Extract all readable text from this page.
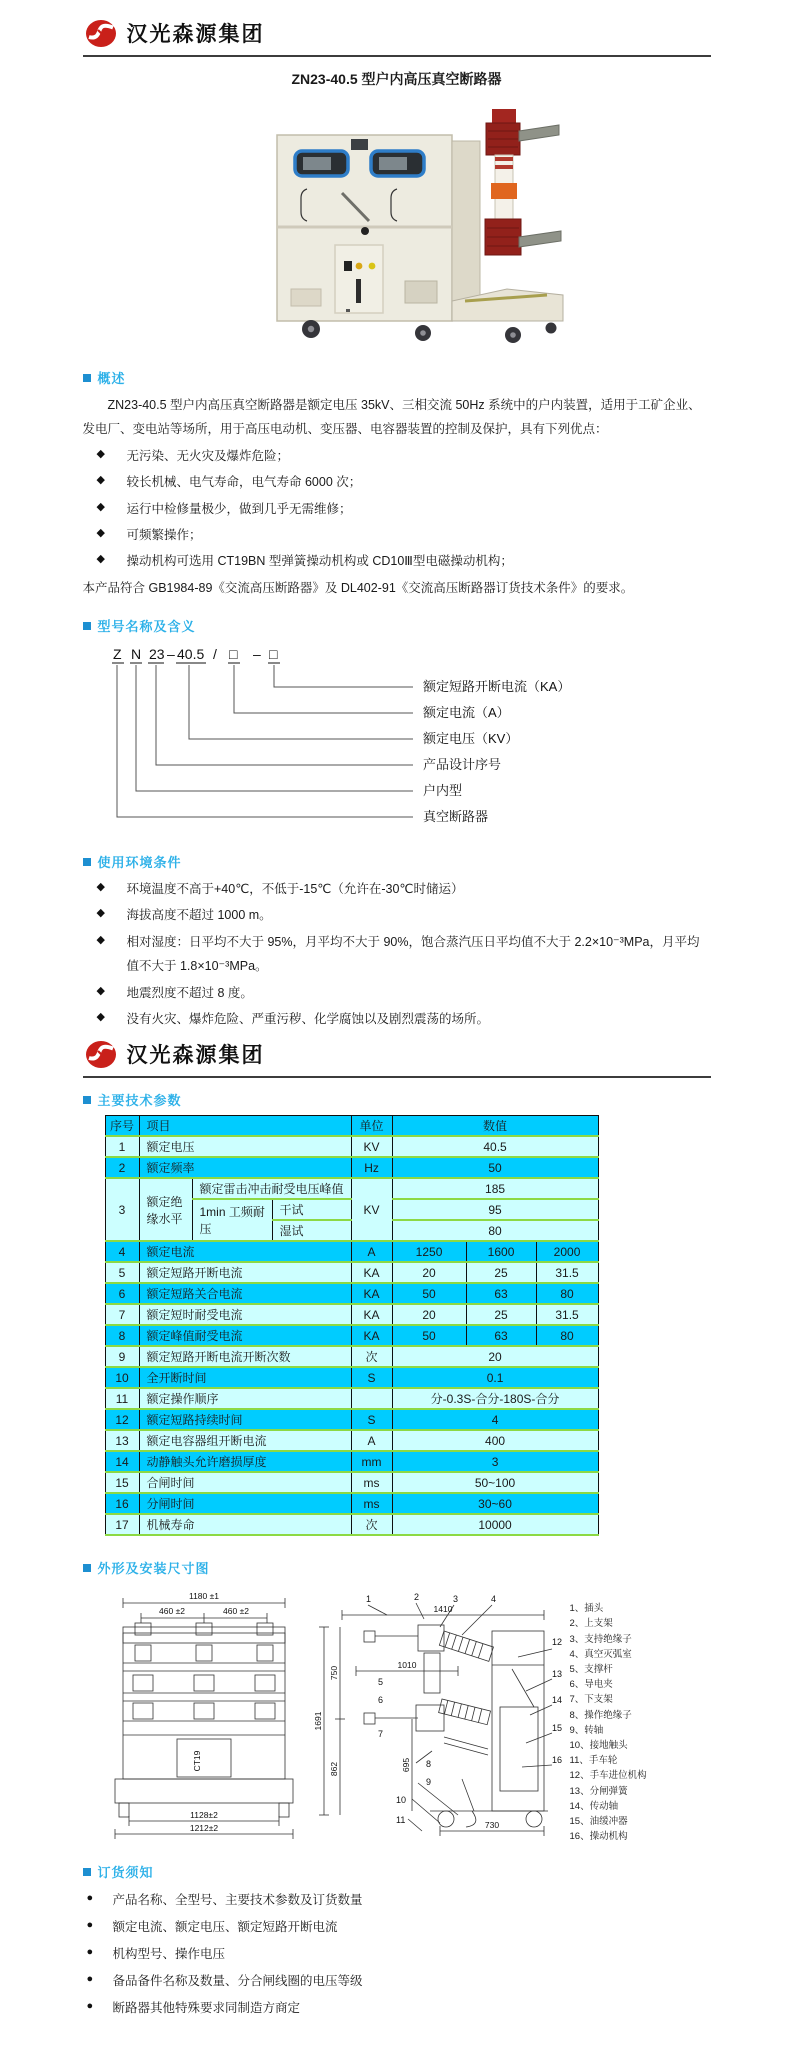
汉光森源集团
ZN23-40.5 型户内高压真空断路器
概述

ZN23-40.5 型户内高压真空断路器是额定电压 35kV、三相交流 50Hz 系统中的户内装置，适用于工矿企业、发电厂、变电站等场所，用于高压电动机、变压器、电容器装置的控制及保护，具有下列优点：

◆ 无污染、无火灾及爆炸危险；
◆ 较长机械、电气寿命，电气寿命 6000 次；
◆ 运行中检修量极少，做到几乎无需维修；
◆ 可频繁操作；
◆ 操动机构可选用 CT19BN 型弹簧操动机构或 CD10Ⅲ型电磁操动机构；

本产品符合 GB1984-89《交流高压断路器》及 DL402-91《交流高压断路器订货技术条件》的要求。

型号名称及含义
Z N 23 – 40.5 / □ – □
额定短路开断电流（KA）
额定电流（A）
额定电压（KV）
产品设计序号
户内型
真空断路器
使用环境条件
◆ 环境温度不高于+40℃，不低于-15℃（允许在-30℃时储运）
◆ 海拔高度不超过 1000 m。
◆ 相对湿度：日平均不大于 95%，月平均不大于 90%，饱合蒸汽压日平均值不大于 2.2×10⁻³MPa，月平均值不大于 1.8×10⁻³MPa。
◆ 地震烈度不超过 8 度。
◆ 没有火灾、爆炸危险、严重污秽、化学腐蚀以及剧烈震荡的场所。
汉光森源集团
主要技术参数
序号	项目			单位	数值		
1	额定电压			KV	40.5		
2	额定频率			Hz	50		
3	额定绝缘水平	额定雷击冲击耐受电压峰值		KV	185		
		1min 工频耐压	干试		95		
			湿试		80		
4	额定电流			A	1250	1600	2000
5	额定短路开断电流			KA	20	25	31.5
6	额定短路关合电流			KA	50	63	80
7	额定短时耐受电流			KA	20	25	31.5
8	额定峰值耐受电流			KA	50	63	80
9	额定短路开断电流开断次数			次	20		
10	全开断时间			S	0.1		
11	额定操作顺序				分-0.3S-合分-180S-合分		
12	额定短路持续时间			S	4		
13	额定电容器组开断电流			A	400		
14	动静触头允许磨损厚度			mm	3		
15	合闸时间			ms	50~100		
16	分闸时间			ms	30~60		
17	机械寿命			次	10000		
外形及安装尺寸图
1180 ±1
460 ±2	460 ±2
CT19
1128±2
1212±2
1	2	3	4
5
6
7
8
9
10
11
12
13
14
15
16
1410
1010
750
1691
862	695
730
1、插头
2、上支架
3、支持绝缘子
4、真空灭弧室
5、支撑杆
6、导电夹
7、下支架
8、操作绝缘子
9、转轴
10、接地触头
11、手车轮
12、手车进位机构
13、分闸弹簧
14、传动轴
15、油缓冲器
16、操动机构
订货须知
● 产品名称、全型号、主要技术参数及订货数量
● 额定电流、额定电压、额定短路开断电流
● 机构型号、操作电压
● 备品备件名称及数量、分合闸线圈的电压等级
● 断路器其他特殊要求同制造方商定
